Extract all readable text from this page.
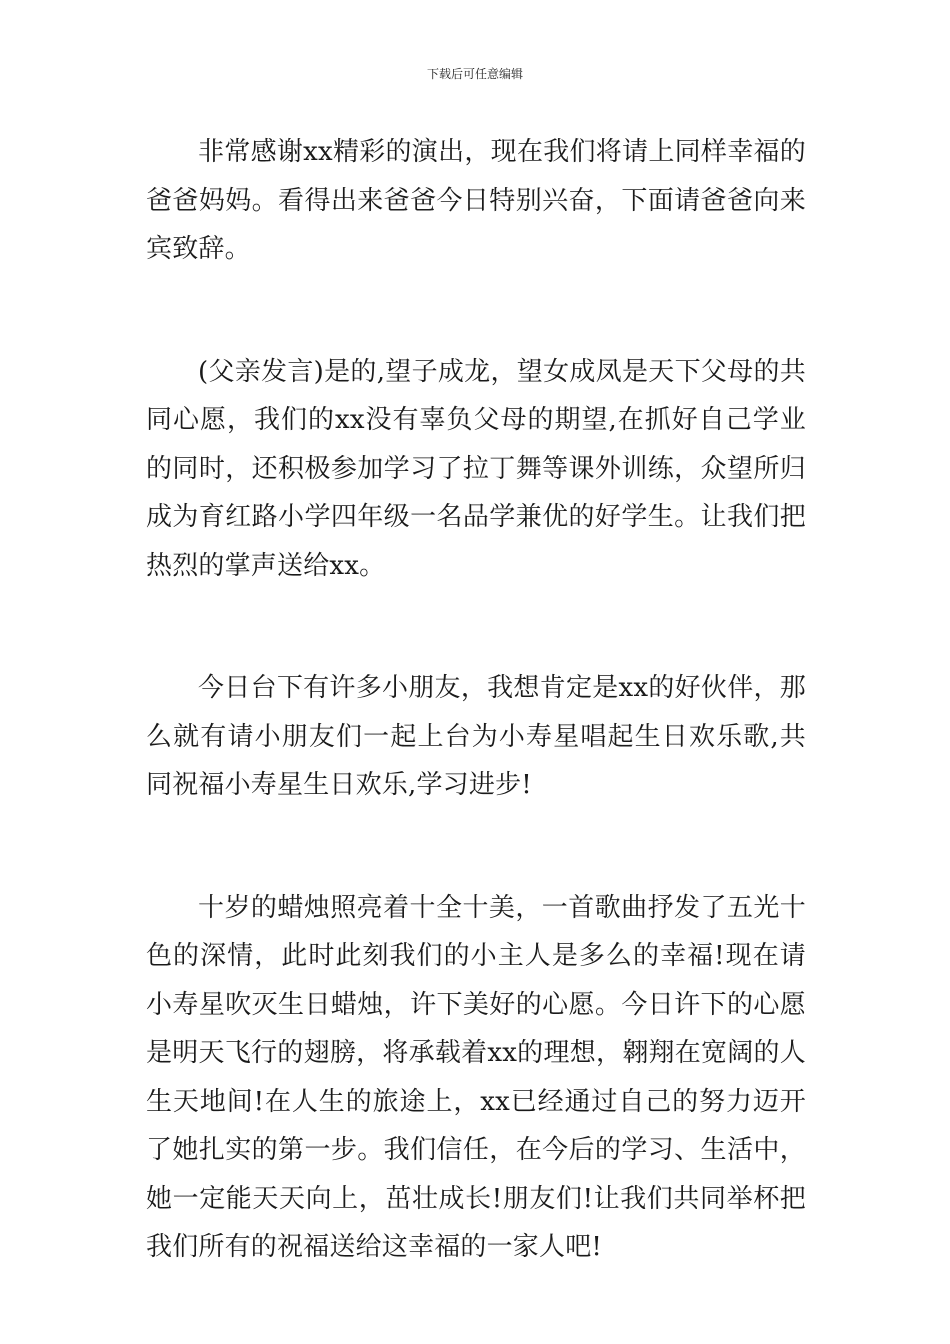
下载后可任意编辑

非常感谢xx精彩的演出，现在我们将请上同样幸福的爸爸妈妈。看得出来爸爸今日特别兴奋，下面请爸爸向来宾致辞。

(父亲发言)是的,望子成龙，望女成凤是天下父母的共同心愿，我们的xx没有辜负父母的期望,在抓好自己学业的同时，还积极参加学习了拉丁舞等课外训练，众望所归成为育红路小学四年级一名品学兼优的好学生。让我们把热烈的掌声送给xx。

今日台下有许多小朋友，我想肯定是xx的好伙伴，那么就有请小朋友们一起上台为小寿星唱起生日欢乐歌,共同祝福小寿星生日欢乐,学习进步!

十岁的蜡烛照亮着十全十美，一首歌曲抒发了五光十色的深情，此时此刻我们的小主人是多么的幸福!现在请小寿星吹灭生日蜡烛，许下美好的心愿。今日许下的心愿是明天飞行的翅膀，将承载着xx的理想，翱翔在宽阔的人生天地间!在人生的旅途上，xx已经通过自己的努力迈开了她扎实的第一步。我们信任，在今后的学习、生活中，她一定能天天向上，茁壮成长!朋友们!让我们共同举杯把我们所有的祝福送给这幸福的一家人吧!
